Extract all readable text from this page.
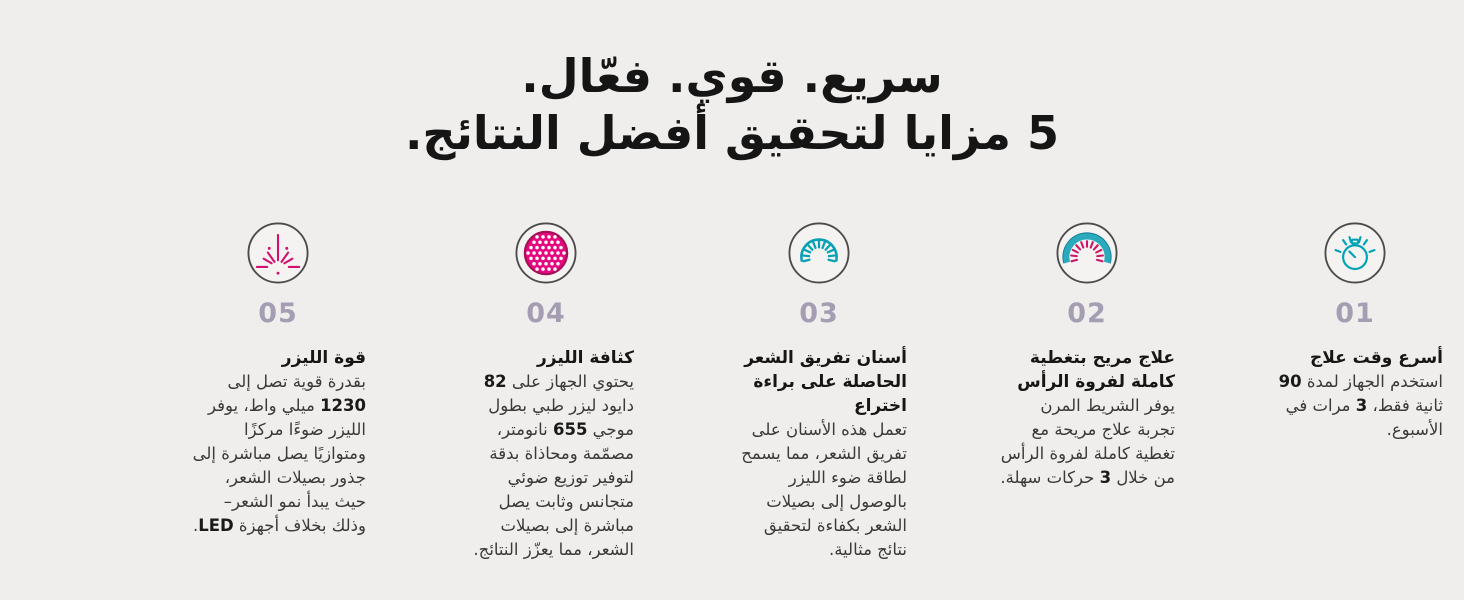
سريع. قوي. فعّال.
5 مزايا لتحقيق أفضل النتائج.
01
أسرع وقت علاج
استخدم الجهاز لمدة 90 ثانية فقط، 3 مرات في الأسبوع.
02
علاج مريح بتغطية كاملة لفروة الرأس
يوفر الشريط المرن تجربة علاج مريحة مع تغطية كاملة لفروة الرأس من خلال 3 حركات سهلة.
03
أسنان تفريق الشعر الحاصلة على براءة اختراع
تعمل هذه الأسنان على تفريق الشعر، مما يسمح لطاقة ضوء الليزر بالوصول إلى بصيلات الشعر بكفاءة لتحقيق نتائج مثالية.
04
كثافة الليزر
يحتوي الجهاز على 82 دايود ليزر طبي بطول موجي 655 نانومتر، مصمّمة ومحاذاة بدقة لتوفير توزيع ضوئي متجانس وثابت يصل مباشرة إلى بصيلات الشعر، مما يعزّز النتائج.
05
قوة الليزر
بقدرة قوية تصل إلى 1230 ميلي واط، يوفر الليزر ضوءًا مركزًا ومتوازيًا يصل مباشرة إلى جذور بصيلات الشعر، حيث يبدأ نمو الشعر–وذلك بخلاف أجهزة LED.
